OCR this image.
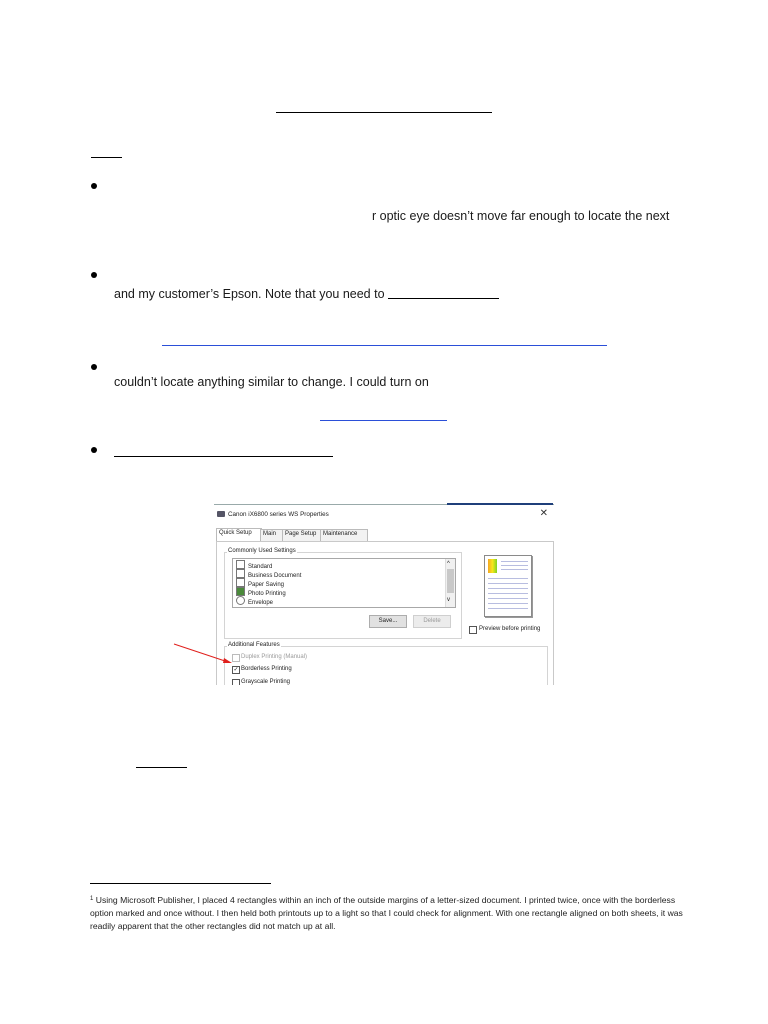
r optic eye doesn’t move far enough to locate the next
and my customer’s Epson. Note that you need to
couldn’t locate anything similar to change. I could turn on
Canon iX6800 series WS Properties	✕
Quick Setup	Main	Page Setup	Maintenance
Commonly Used Settings
Standard
Business Document
Paper Saving
Photo Printing
Envelope
^
v
Save...	Delete
Preview before printing
Additional Features
Duplex Printing (Manual)
✓ Borderless Printing
Grayscale Printing
$^1$ Using Microsoft Publisher, I placed 4 rectangles within an inch of the outside margins of a letter-sized document. I printed twice, once with the borderless option marked and once without. I then held both printouts up to a light so that I could check for alignment. With one rectangle aligned on both sheets, it was readily apparent that the other rectangles did not match up at all.
